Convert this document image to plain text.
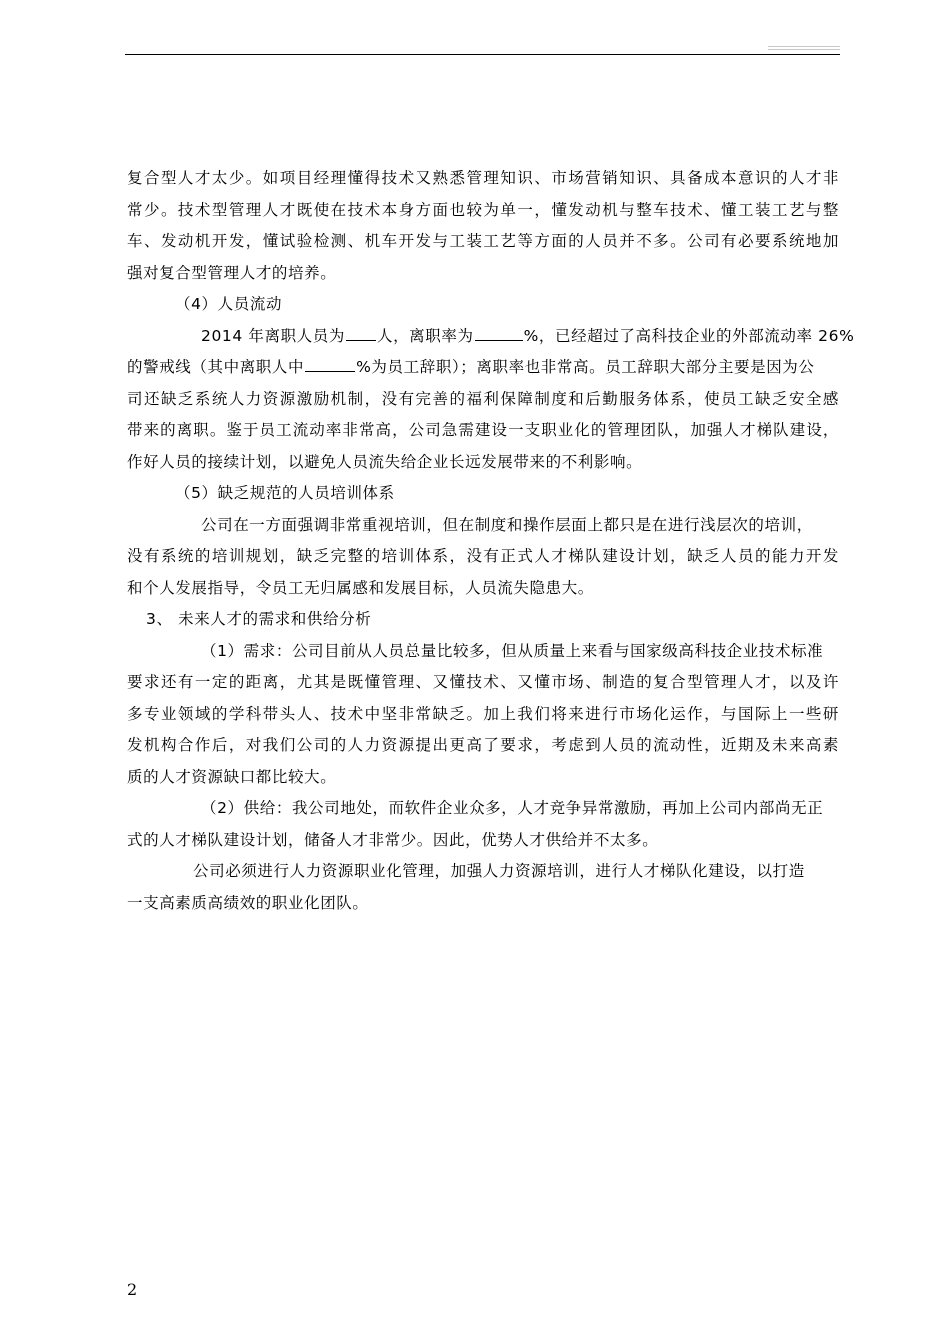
复合型人才太少。如项目经理懂得技术又熟悉管理知识、市场营销知识、具备成本意识的人才非
常少。技术型管理人才既使在技术本身方面也较为单一，懂发动机与整车技术、懂工装工艺与整
车、发动机开发，懂试验检测、机车开发与工装工艺等方面的人员并不多。公司有必要系统地加
强对复合型管理人才的培养。
（4）人员流动
2014 年离职人员为 人，离职率为	%，已经超过了高科技企业的外部流动率 26%
的警戒线（其中离职人中	%为员工辞职）；离职率也非常高。员工辞职大部分主要是因为公
司还缺乏系统人力资源激励机制，没有完善的福利保障制度和后勤服务体系，使员工缺乏安全感
带来的离职。鉴于员工流动率非常高，公司急需建设一支职业化的管理团队，加强人才梯队建设，
作好人员的接续计划，以避免人员流失给企业长远发展带来的不利影响。
（5）缺乏规范的人员培训体系
公司在一方面强调非常重视培训，但在制度和操作层面上都只是在进行浅层次的培训，
没有系统的培训规划，缺乏完整的培训体系，没有正式人才梯队建设计划，缺乏人员的能力开发
和个人发展指导，令员工无归属感和发展目标，人员流失隐患大。
3、 未来人才的需求和供给分析
（1）需求：公司目前从人员总量比较多，但从质量上来看与国家级高科技企业技术标准
要求还有一定的距离，尤其是既懂管理、又懂技术、又懂市场、制造的复合型管理人才，以及许
多专业领域的学科带头人、技术中坚非常缺乏。加上我们将来进行市场化运作，与国际上一些研
发机构合作后，对我们公司的人力资源提出更高了要求，考虑到人员的流动性，近期及未来高素
质的人才资源缺口都比较大。
（2）供给：我公司地处，而软件企业众多，人才竞争异常激励，再加上公司内部尚无正
式的人才梯队建设计划，储备人才非常少。因此，优势人才供给并不太多。
公司必须进行人力资源职业化管理，加强人力资源培训，进行人才梯队化建设，以打造
一支高素质高绩效的职业化团队。
2
